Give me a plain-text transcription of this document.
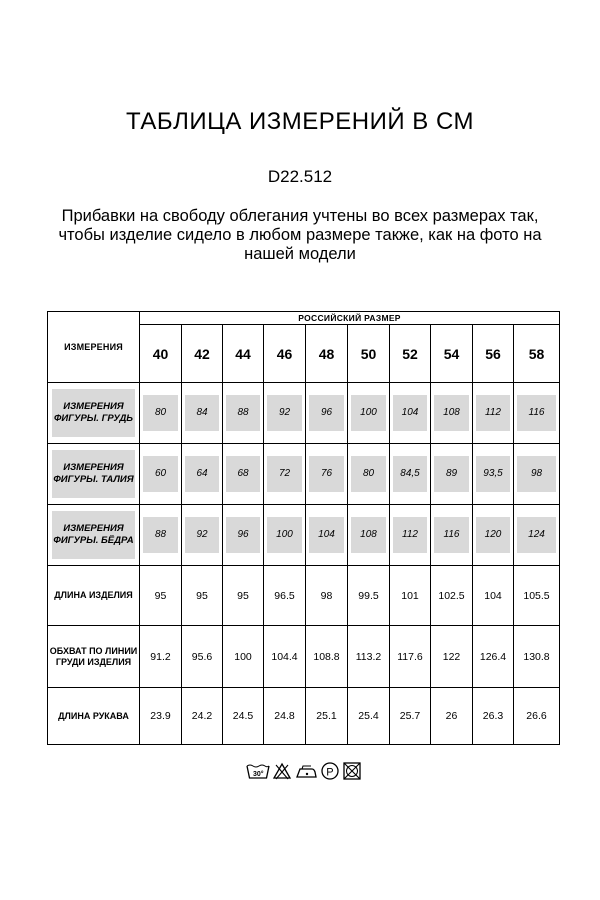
ТАБЛИЦА ИЗМЕРЕНИЙ В СМ
D22.512
Прибавки на свободу облегания учтены во всех размерах так, чтобы изделие сидело в любом размере также, как на фото на нашей модели
ИЗМЕРЕНИЯ	РОССИЙСКИЙ РАЗМЕР									
	40	42	44	46	48	50	52	54	56	58

ИЗМЕРЕНИЯ ФИГУРЫ. ГРУДЬ	80	84	88	92	96	100	104	108	112	116

ИЗМЕРЕНИЯ ФИГУРЫ. ТАЛИЯ	60	64	68	72	76	80	84,5	89	93,5	98

ИЗМЕРЕНИЯ ФИГУРЫ. БЁДРА	88	92	96	100	104	108	112	116	120	124

ДЛИНА ИЗДЕЛИЯ	95	95	95	96.5	98	99.5	101	102.5	104	105.5
ОБХВАТ ПО ЛИНИИ ГРУДИ ИЗДЕЛИЯ	91.2	95.6	100	104.4	108.8	113.2	117.6	122	126.4	130.8
ДЛИНА РУКАВА	23.9	24.2	24.5	24.8	25.1	25.4	25.7	26	26.3	26.6
30°	P
